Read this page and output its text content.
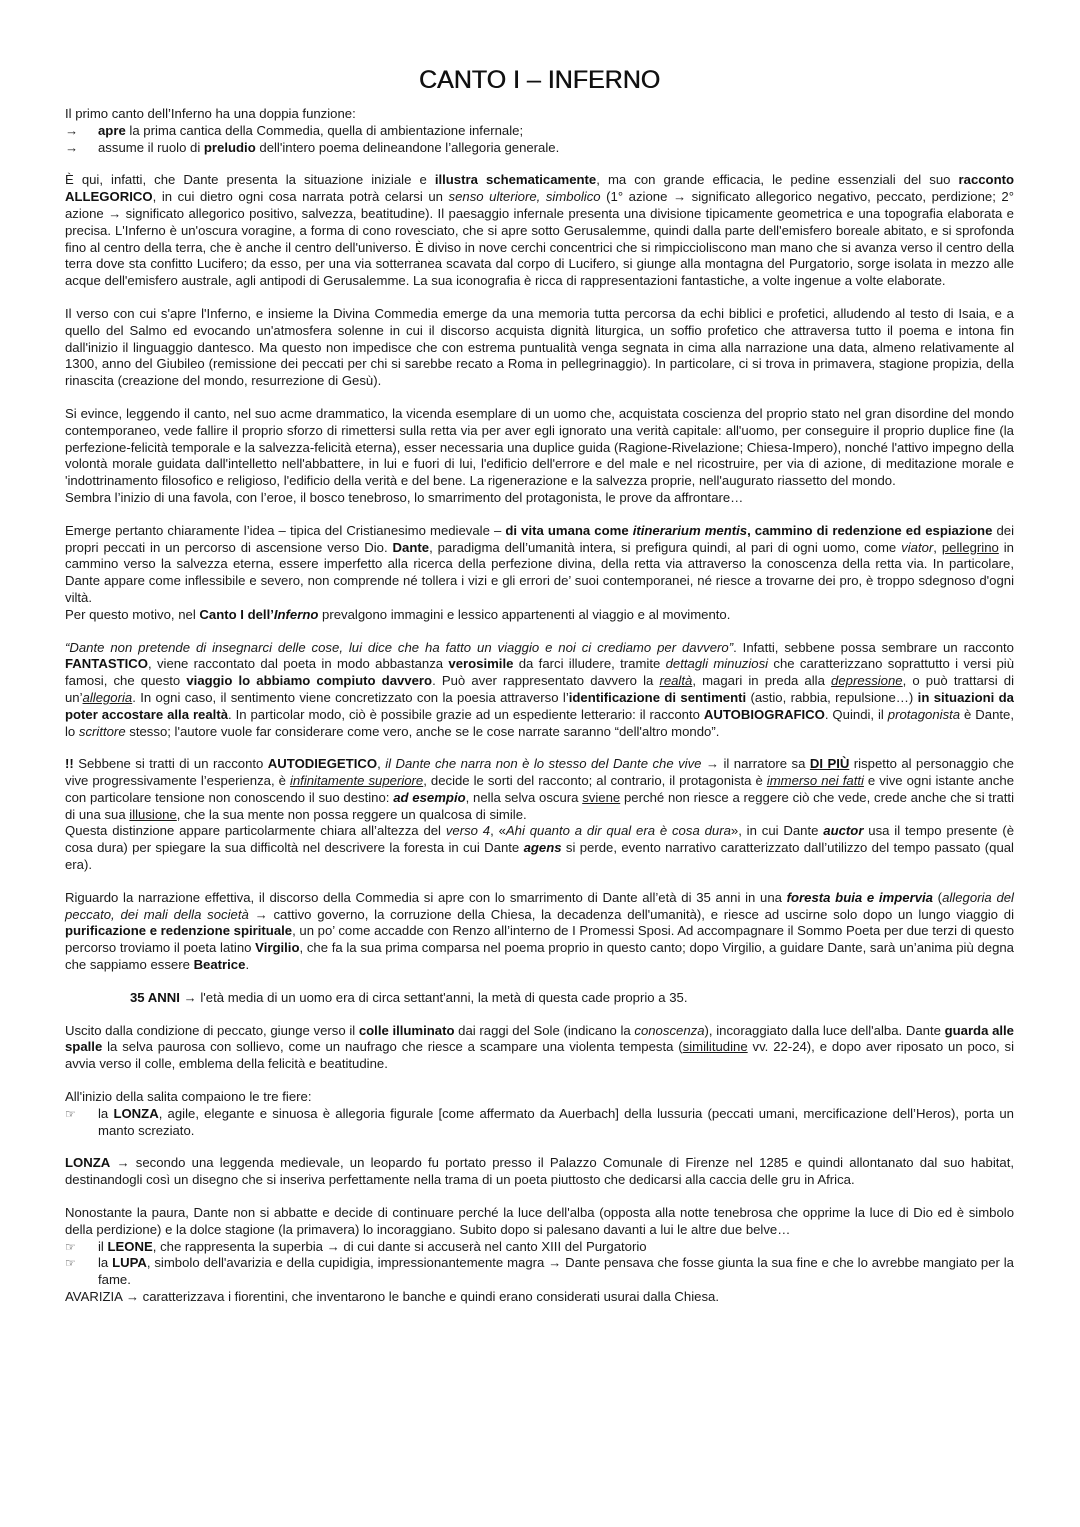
CANTO I – INFERNO

Il primo canto dell’Inferno ha una doppia funzione:

→	apre la prima cantica della Commedia, quella di ambientazione infernale;
→	assume il ruolo di preludio dell'intero poema delineandone l’allegoria generale.

È qui, infatti, che Dante presenta la situazione iniziale e illustra schematicamente, ma con grande efficacia, le pedine essenziali del suo racconto ALLEGORICO, in cui dietro ogni cosa narrata potrà celarsi un senso ulteriore, simbolico (1° azione → significato allegorico negativo, peccato, perdizione; 2° azione → significato allegorico positivo, salvezza, beatitudine). Il paesaggio infernale presenta una divisione tipicamente geometrica e una topografia elaborata e precisa. L'Inferno è un'oscura voragine, a forma di cono rovesciato, che si apre sotto Gerusalemme, quindi dalla parte dell'emisfero boreale abitato, e si sprofonda fino al centro della terra, che è anche il centro dell'universo. È diviso in nove cerchi concentrici che si rimpiccioliscono man mano che si avanza verso il centro della terra dove sta confitto Lucifero; da esso, per una via sotterranea scavata dal corpo di Lucifero, si giunge alla montagna del Purgatorio, sorge isolata in mezzo alle acque dell'emisfero australe, agli antipodi di Gerusalemme. La sua iconografia è ricca di rappresentazioni fantastiche, a volte ingenue a volte elaborate.

Il verso con cui s'apre l'Inferno, e insieme la Divina Commedia emerge da una memoria tutta percorsa da echi biblici e profetici, alludendo al testo di Isaia, e a quello del Salmo ed evocando un'atmosfera solenne in cui il discorso acquista dignità liturgica, un soffio profetico che attraversa tutto il poema e intona fin dall'inizio il linguaggio dantesco. Ma questo non impedisce che con estrema puntualità venga segnata in cima alla narrazione una data, almeno relativamente al 1300, anno del Giubileo (remissione dei peccati per chi si sarebbe recato a Roma in pellegrinaggio). In particolare, ci si trova in primavera, stagione propizia, della rinascita (creazione del mondo, resurrezione di Gesù).

Si evince, leggendo il canto, nel suo acme drammatico, la vicenda esemplare di un uomo che, acquistata coscienza del proprio stato nel gran disordine del mondo contemporaneo, vede fallire il proprio sforzo di rimettersi sulla retta via per aver egli ignorato una verità capitale: all'uomo, per conseguire il proprio duplice fine (la perfezione-felicità temporale e la salvezza-felicità eterna), esser necessaria una duplice guida (Ragione-Rivelazione; Chiesa-Impero), nonché l'attivo impegno della volontà morale guidata dall'intelletto nell'abbattere, in lui e fuori di lui, l'edificio dell'errore e del male e nel ricostruire, per via di azione, di meditazione morale e 'indottrinamento filosofico e religioso, l'edificio della verità e del bene. La rigenerazione e la salvezza proprie, nell'augurato riassetto del mondo.

Sembra l’inizio di una favola, con l’eroe, il bosco tenebroso, lo smarrimento del protagonista, le prove da affrontare…

Emerge pertanto chiaramente l’idea – tipica del Cristianesimo medievale – di vita umana come itinerarium mentis, cammino di redenzione ed espiazione dei propri peccati in un percorso di ascensione verso Dio. Dante, paradigma dell’umanità intera, si prefigura quindi, al pari di ogni uomo, come viator, pellegrino in cammino verso la salvezza eterna, essere imperfetto alla ricerca della perfezione divina, della retta via attraverso la conoscenza della retta via. In particolare, Dante appare come inflessibile e severo, non comprende né tollera i vizi e gli errori de’ suoi contemporanei, né riesce a trovarne dei pro, è troppo sdegnoso d'ogni viltà.

Per questo motivo, nel Canto I dell’Inferno prevalgono immagini e lessico appartenenti al viaggio e al movimento.

“Dante non pretende di insegnarci delle cose, lui dice che ha fatto un viaggio e noi ci crediamo per davvero”. Infatti, sebbene possa sembrare un racconto FANTASTICO, viene raccontato dal poeta in modo abbastanza verosimile da farci illudere, tramite dettagli minuziosi che caratterizzano soprattutto i versi più famosi, che questo viaggio lo abbiamo compiuto davvero. Può aver rappresentato davvero la realtà, magari in preda alla depressione, o può trattarsi di un’allegoria. In ogni caso, il sentimento viene concretizzato con la poesia attraverso l’identificazione di sentimenti (astio, rabbia, repulsione…) in situazioni da poter accostare alla realtà. In particolar modo, ciò è possibile grazie ad un espediente letterario: il racconto AUTOBIOGRAFICO. Quindi, il protagonista è Dante, lo scrittore stesso; l'autore vuole far considerare come vero, anche se le cose narrate saranno “dell'altro mondo”.

!! Sebbene si tratti di un racconto AUTODIEGETICO, il Dante che narra non è lo stesso del Dante che vive → il narratore sa DI PIÙ rispetto al personaggio che vive progressivamente l’esperienza, è infinitamente superiore, decide le sorti del racconto; al contrario, il protagonista è immerso nei fatti e vive ogni istante anche con particolare tensione non conoscendo il suo destino: ad esempio, nella selva oscura sviene perché non riesce a reggere ciò che vede, crede anche che si tratti di una sua illusione, che la sua mente non possa reggere un qualcosa di simile.

Questa distinzione appare particolarmente chiara all’altezza del verso 4, «Ahi quanto a dir qual era è cosa dura», in cui Dante auctor usa il tempo presente (è cosa dura) per spiegare la sua difficoltà nel descrivere la foresta in cui Dante agens si perde, evento narrativo caratterizzato dall’utilizzo del tempo passato (qual era).

Riguardo la narrazione effettiva, il discorso della Commedia si apre con lo smarrimento di Dante all’età di 35 anni in una foresta buia e impervia (allegoria del peccato, dei mali della società → cattivo governo, la corruzione della Chiesa, la decadenza dell'umanità), e riesce ad uscirne solo dopo un lungo viaggio di purificazione e redenzione spirituale, un po’ come accadde con Renzo all’interno de I Promessi Sposi. Ad accompagnare il Sommo Poeta per due terzi di questo percorso troviamo il poeta latino Virgilio, che fa la sua prima comparsa nel poema proprio in questo canto; dopo Virgilio, a guidare Dante, sarà un’anima più degna che sappiamo essere Beatrice.

35 ANNI → l'età media di un uomo era di circa settant'anni, la metà di questa cade proprio a 35.

Uscito dalla condizione di peccato, giunge verso il colle illuminato dai raggi del Sole (indicano la conoscenza), incoraggiato dalla luce dell'alba. Dante guarda alle spalle la selva paurosa con sollievo, come un naufrago che riesce a scampare una violenta tempesta (similitudine vv. 22-24), e dopo aver riposato un poco, si avvia verso il colle, emblema della felicità e beatitudine.

All'inizio della salita compaiono le tre fiere:

☞	la LONZA, agile, elegante e sinuosa è allegoria figurale [come affermato da Auerbach] della lussuria (peccati umani, mercificazione dell’Heros), porta un manto screziato.

LONZA → secondo una leggenda medievale, un leopardo fu portato presso il Palazzo Comunale di Firenze nel 1285 e quindi allontanato dal suo habitat, destinandogli così un disegno che si inseriva perfettamente nella trama di un poeta piuttosto che dedicarsi alla caccia delle gru in Africa.

Nonostante la paura, Dante non si abbatte e decide di continuare perché la luce dell'alba (opposta alla notte tenebrosa che opprime la luce di Dio ed è simbolo della perdizione) e la dolce stagione (la primavera) lo incoraggiano. Subito dopo si palesano davanti a lui le altre due belve…

☞	il LEONE, che rappresenta la superbia → di cui dante si accuserà nel canto XIII del Purgatorio
☞	la LUPA, simbolo dell'avarizia e della cupidigia, impressionantemente magra → Dante pensava che fosse giunta la sua fine e che lo avrebbe mangiato per la fame.

AVARIZIA → caratterizzava i fiorentini, che inventarono le banche e quindi erano considerati usurai dalla Chiesa.
